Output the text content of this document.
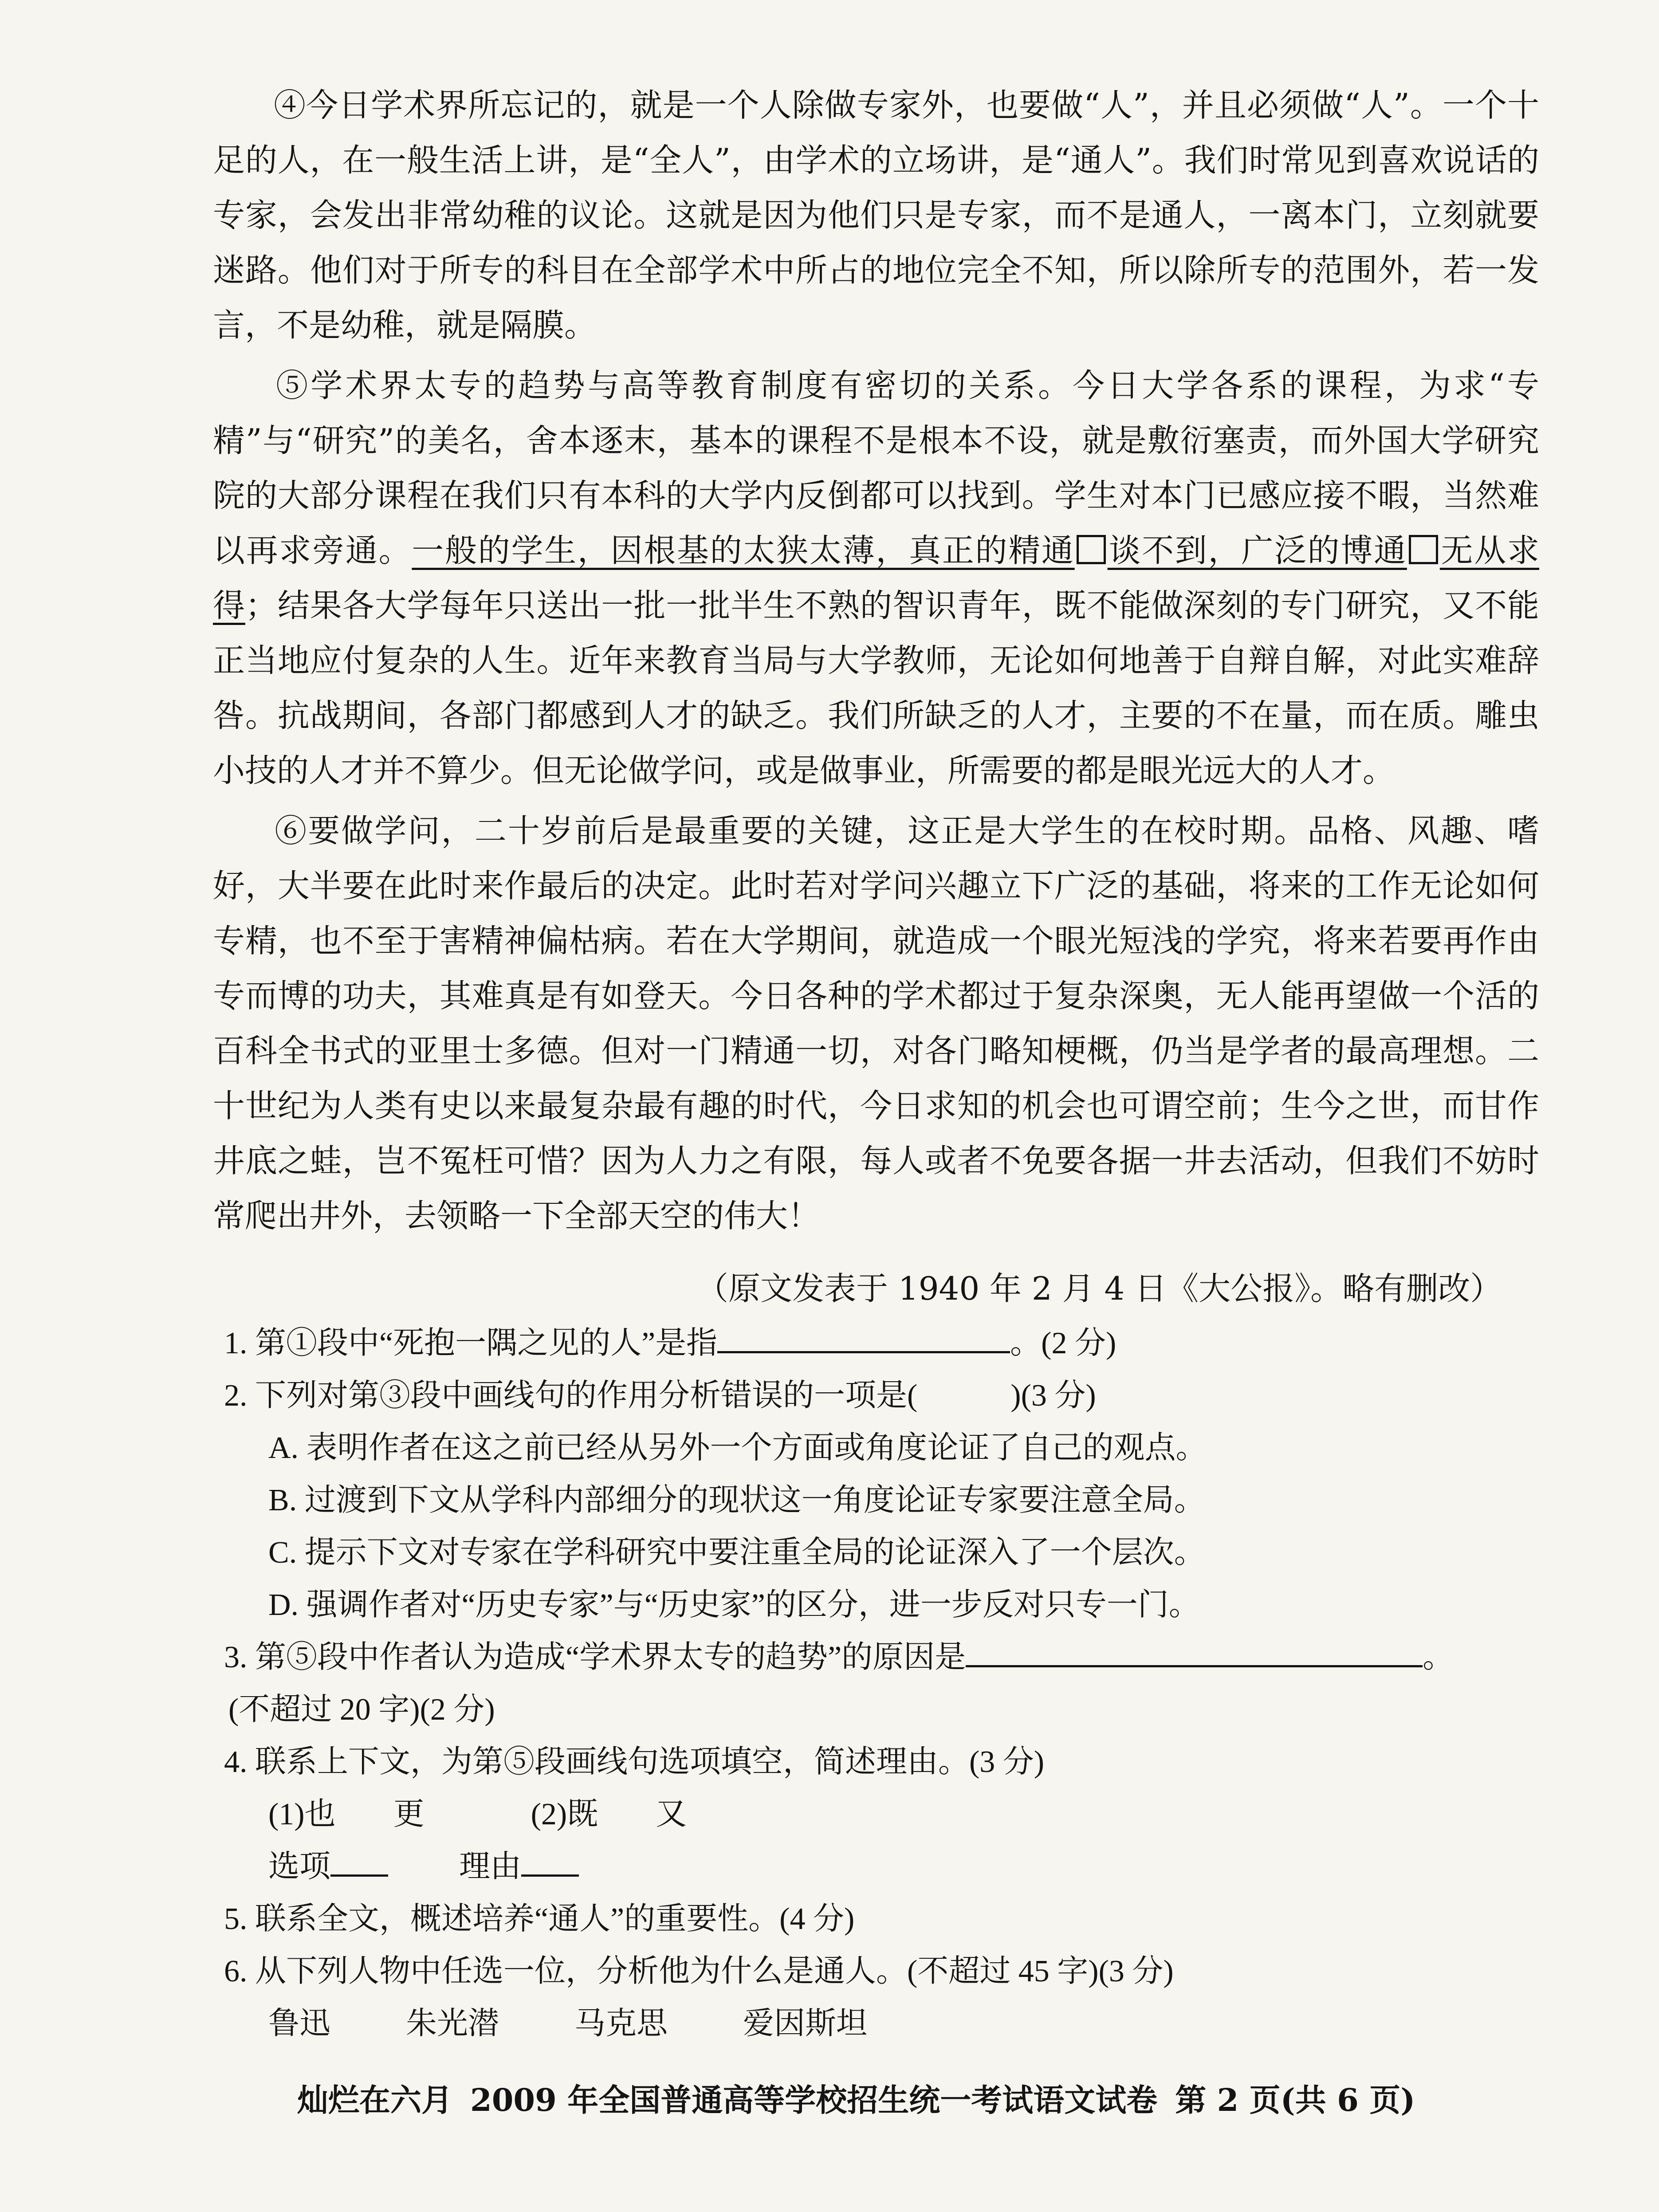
④今日学术界所忘记的，就是一个人除做专家外，也要做“人”，并且必须做“人”。一个十足的人，在一般生活上讲，是“全人”，由学术的立场讲，是“通人”。我们时常见到喜欢说话的专家，会发出非常幼稚的议论。这就是因为他们只是专家，而不是通人，一离本门，立刻就要迷路。他们对于所专的科目在全部学术中所占的地位完全不知，所以除所专的范围外，若一发言，不是幼稚，就是隔膜。

⑤学术界太专的趋势与高等教育制度有密切的关系。今日大学各系的课程，为求“专精”与“研究”的美名，舍本逐末，基本的课程不是根本不设，就是敷衍塞责，而外国大学研究院的大部分课程在我们只有本科的大学内反倒都可以找到。学生对本门已感应接不暇，当然难以再求旁通。一般的学生，因根基的太狭太薄，真正的精通 谈不到，广泛的博通 无从求得；结果各大学每年只送出一批一批半生不熟的智识青年，既不能做深刻的专门研究，又不能正当地应付复杂的人生。近年来教育当局与大学教师，无论如何地善于自辩自解，对此实难辞咎。抗战期间，各部门都感到人才的缺乏。我们所缺乏的人才，主要的不在量，而在质。雕虫小技的人才并不算少。但无论做学问，或是做事业，所需要的都是眼光远大的人才。

⑥要做学问，二十岁前后是最重要的关键，这正是大学生的在校时期。品格、风趣、嗜好，大半要在此时来作最后的决定。此时若对学问兴趣立下广泛的基础，将来的工作无论如何专精，也不至于害精神偏枯病。若在大学期间，就造成一个眼光短浅的学究，将来若要再作由专而博的功夫，其难真是有如登天。今日各种的学术都过于复杂深奥，无人能再望做一个活的百科全书式的亚里士多德。但对一门精通一切，对各门略知梗概，仍当是学者的最高理想。二十世纪为人类有史以来最复杂最有趣的时代，今日求知的机会也可谓空前；生今之世，而甘作井底之蛙，岂不冤枉可惜？因为人力之有限，每人或者不免要各据一井去活动，但我们不妨时常爬出井外，去领略一下全部天空的伟大！

（原文发表于 1940 年 2 月 4 日《大公报》。略有删改）
1. 第①段中“死抱一隅之见的人”是指	。(2 分)
2. 下列对第③段中画线句的作用分析错误的一项是(　　　)(3 分)
A. 表明作者在这之前已经从另外一个方面或角度论证了自己的观点。
B. 过渡到下文从学科内部细分的现状这一角度论证专家要注意全局。
C. 提示下文对专家在学科研究中要注重全局的论证深入了一个层次。
D. 强调作者对“历史专家”与“历史家”的区分，进一步反对只专一门。
3. 第⑤段中作者认为造成“学术界太专的趋势”的原因是	。
(不超过 20 字)(2 分)
4. 联系上下文，为第⑤段画线句选项填空，简述理由。(3 分)
(1)也 更	(2)既 又
选项	理由
5. 联系全文，概述培养“通人”的重要性。(4 分)
6. 从下列人物中任选一位，分析他为什么是通人。(不超过 45 字)(3 分)
鲁迅 朱光潜 马克思 爱因斯坦
灿烂在六月 2009 年全国普通高等学校招生统一考试语文试卷 第 2 页(共 6 页)
